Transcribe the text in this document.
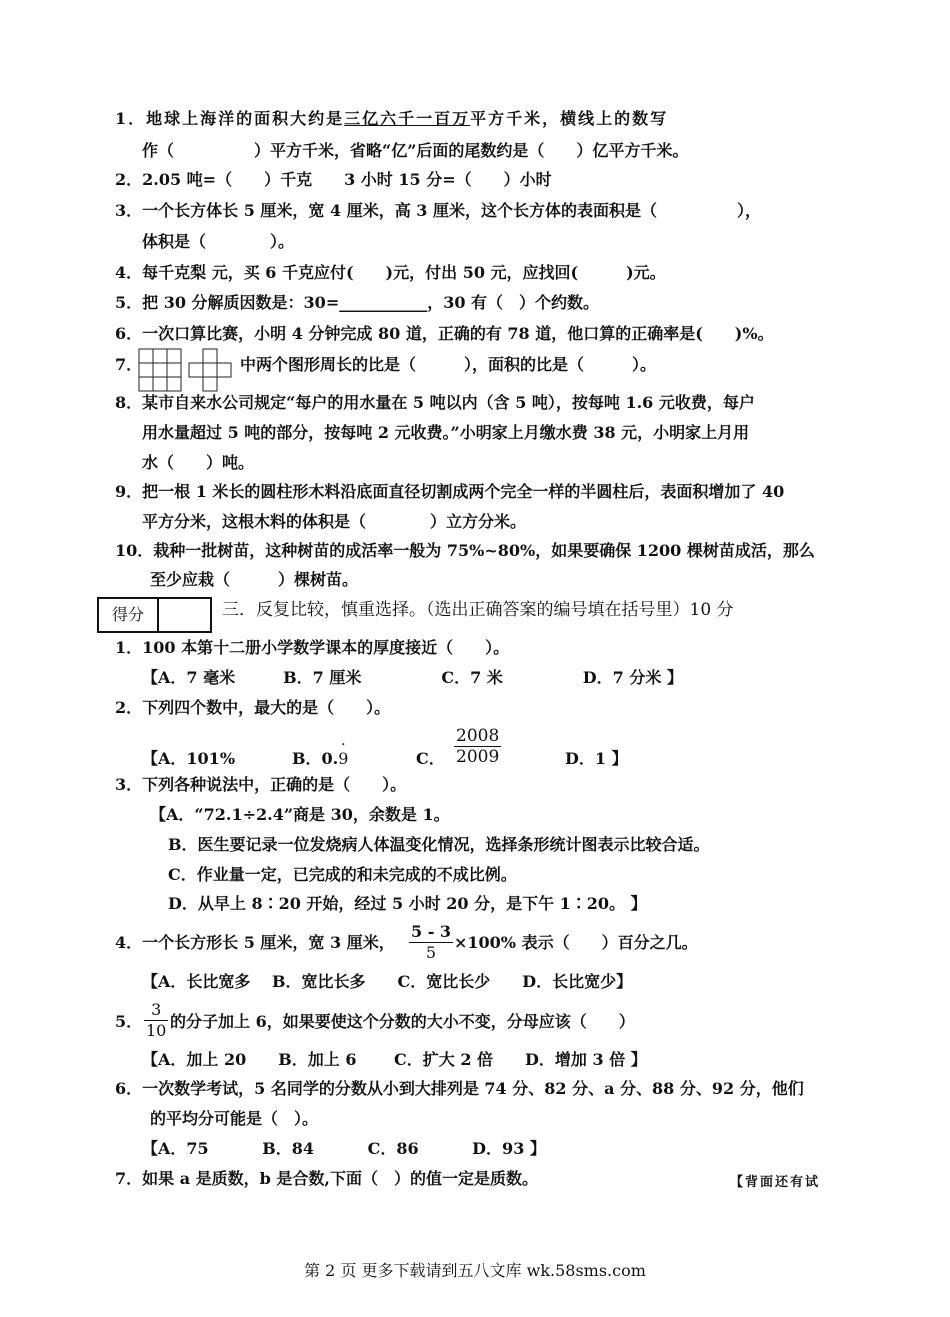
1．地球上海洋的面积大约是三亿六千一百万平方千米，横线上的数写
作（　　　　　）平方千米，省略“亿”后面的尾数约是（　　）亿平方千米。
2．2.05 吨=（　　）千克　　3 小时 15 分=（　　）小时
3．一个长方体长 5 厘米，宽 4 厘米，高 3 厘米，这个长方体的表面积是（　　　　　），
体积是（　　　　）。
4．每千克梨 元，买 6 千克应付(　　)元，付出 50 元，应找回(　　　)元。
5．把 30 分解质因数是：30=___________，30 有（　）个约数。
6．一次口算比赛，小明 4 分钟完成 80 道，正确的有 78 道，他口算的正确率是(　　)%。
7．	中两个图形周长的比是（　　　），面积的比是（　　　）。
8．某市自来水公司规定“每户的用水量在 5 吨以内（含 5 吨），按每吨 1.6 元收费，每户
用水量超过 5 吨的部分，按每吨 2 元收费。”小明家上月缴水费 38 元，小明家上月用
水（　　）吨。
9．把一根 1 米长的圆柱形木料沿底面直径切割成两个完全一样的半圆柱后，表面积增加了 40
平方分米，这根木料的体积是（　　　　）立方分米。
10．栽种一批树苗，这种树苗的成活率一般为 75%~80%，如果要确保 1200 棵树苗成活，那么
至少应栽（　　　）棵树苗。
得分	三．反复比较，慎重选择。（选出正确答案的编号填在括号里）10 分
1．100 本第十二册小学数学课本的厚度接近（　　）。
【A．7 毫米　　　B．7 厘米　　　　　C．7 米　　　　　D．7 分米 】
2．下列四个数中，最大的是（　　）。
【A．101%	B．0.
·
9	C． $\frac{2008}{2009}$	D．1 】
3．下列各种说法中，正确的是（　　）。
【A．“72.1÷2.4”商是 30，余数是 1。
B．医生要记录一位发烧病人体温变化情况，选择条形统计图表示比较合适。
C．作业量一定，已完成的和未完成的不成比例。
D．从早上 8∶20 开始，经过 5 小时 20 分，是下午 1∶20。 】
4．一个长方形长 5 厘米，宽 3 厘米， $\frac{5 - 3}{5} \times 100\%$ 表示（　　）百分之几。
【A．长比宽多　 B．宽比长多　　C．宽比长少　　D．长比宽少】
5． $\frac{3}{10}$ 的分子加上 6，如果要使这个分数的大小不变，分母应该（　　）
【A．加上 20　　B．加上 6　　 C．扩大 2 倍　　D．增加 3 倍 】
6．一次数学考试，5 名同学的分数从小到大排列是 74 分、82 分、a 分、88 分、92 分，他们
的平均分可能是（　）。
【A．75　　　 B．84　　　 C．86　　　 D．93 】
7．如果 a 是质数，b 是合数,下面（　）的值一定是质数。	【背面还有试
第 2 页 更多下载请到五八文库 wk.58sms.com
